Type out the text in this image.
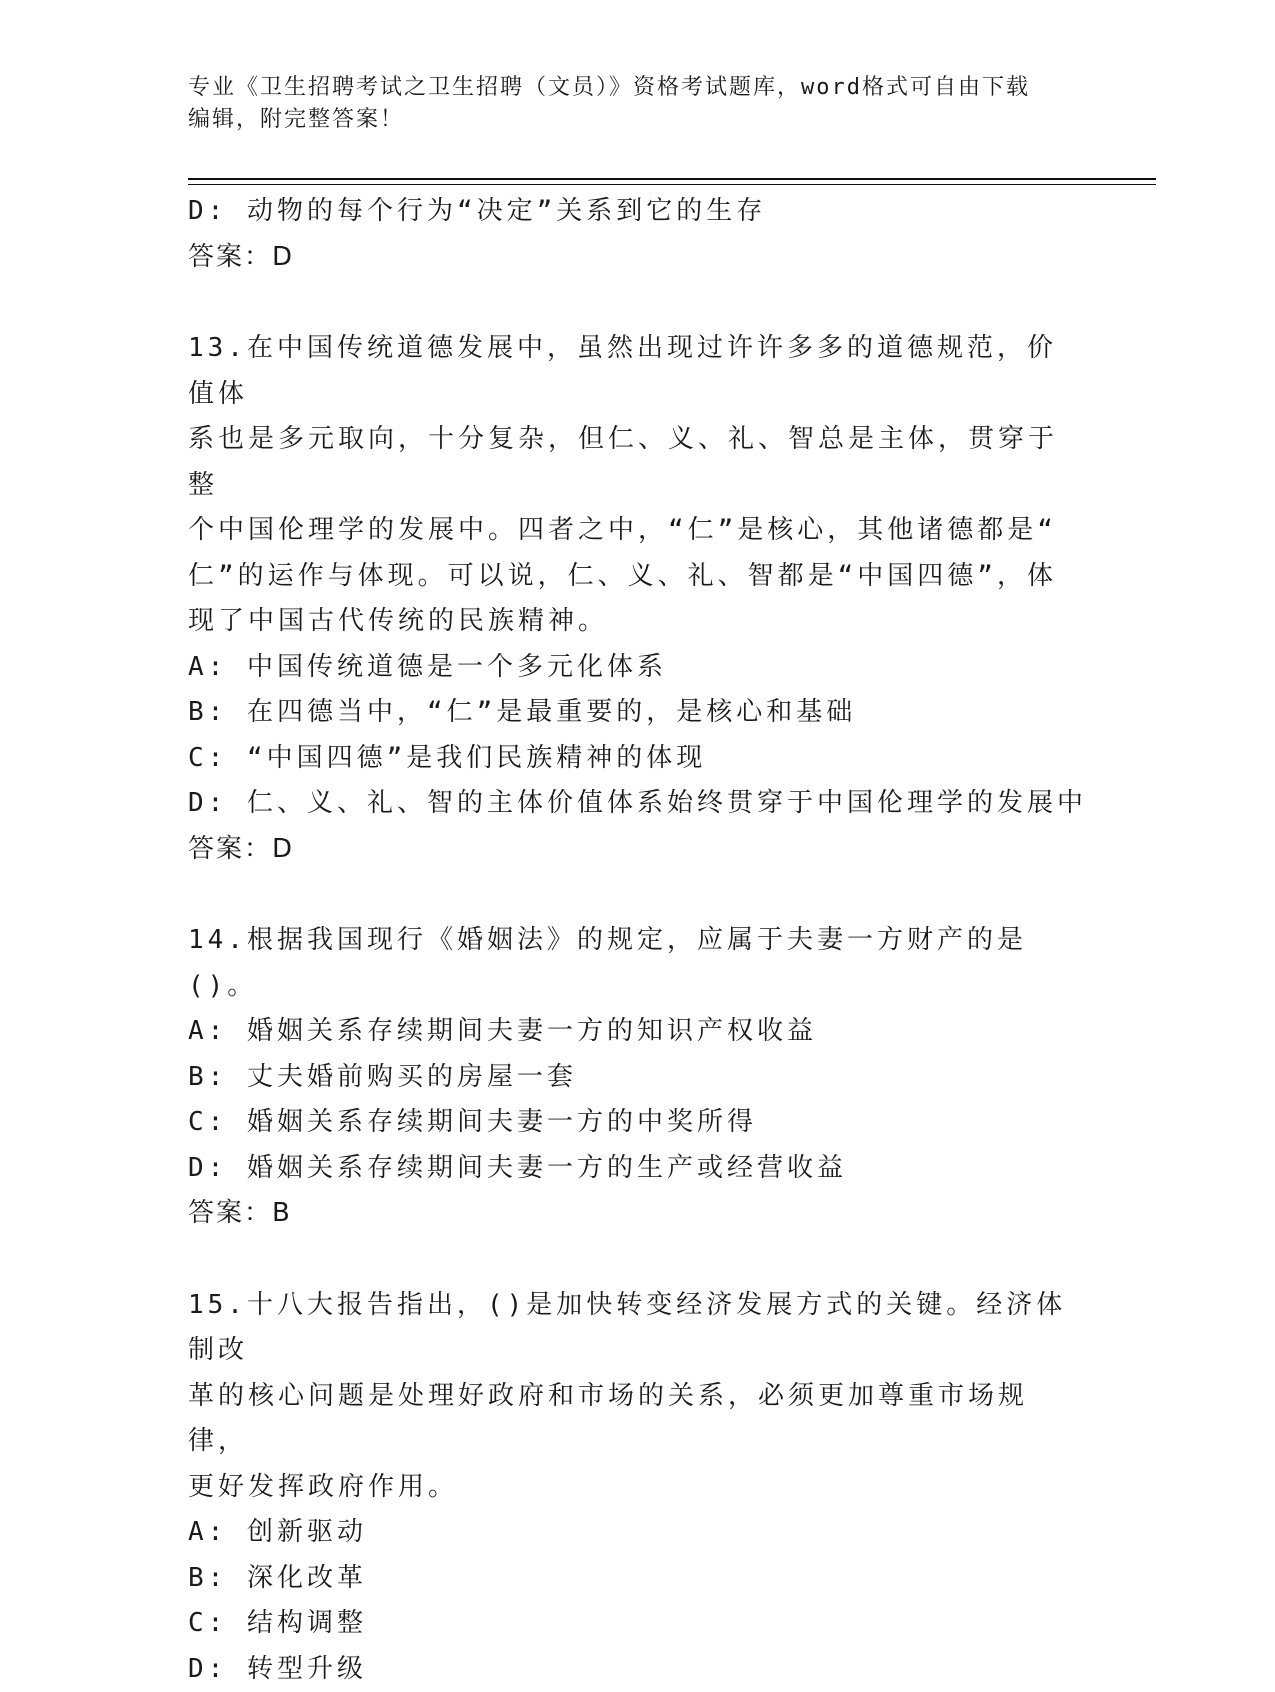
专业《卫生招聘考试之卫生招聘（文员）》资格考试题库，word格式可自由下载
编辑，附完整答案！
D: 动物的每个行为“决定”关系到它的生存
答案：D
13.在中国传统道德发展中，虽然出现过许许多多的道德规范，价值体
系也是多元取向，十分复杂，但仁、义、礼、智总是主体，贯穿于整
个中国伦理学的发展中。四者之中，“仁”是核心，其他诸德都是“
仁”的运作与体现。可以说，仁、义、礼、智都是“中国四德”，体
现了中国古代传统的民族精神。
A: 中国传统道德是一个多元化体系
B: 在四德当中，“仁”是最重要的，是核心和基础
C: “中国四德”是我们民族精神的体现
D: 仁、义、礼、智的主体价值体系始终贯穿于中国伦理学的发展中
答案：D
14.根据我国现行《婚姻法》的规定，应属于夫妻一方财产的是()。
A: 婚姻关系存续期间夫妻一方的知识产权收益
B: 丈夫婚前购买的房屋一套
C: 婚姻关系存续期间夫妻一方的中奖所得
D: 婚姻关系存续期间夫妻一方的生产或经营收益
答案：B
15.十八大报告指出，()是加快转变经济发展方式的关键。经济体制改
革的核心问题是处理好政府和市场的关系，必须更加尊重市场规律，
更好发挥政府作用。
A: 创新驱动
B: 深化改革
C: 结构调整
D: 转型升级
